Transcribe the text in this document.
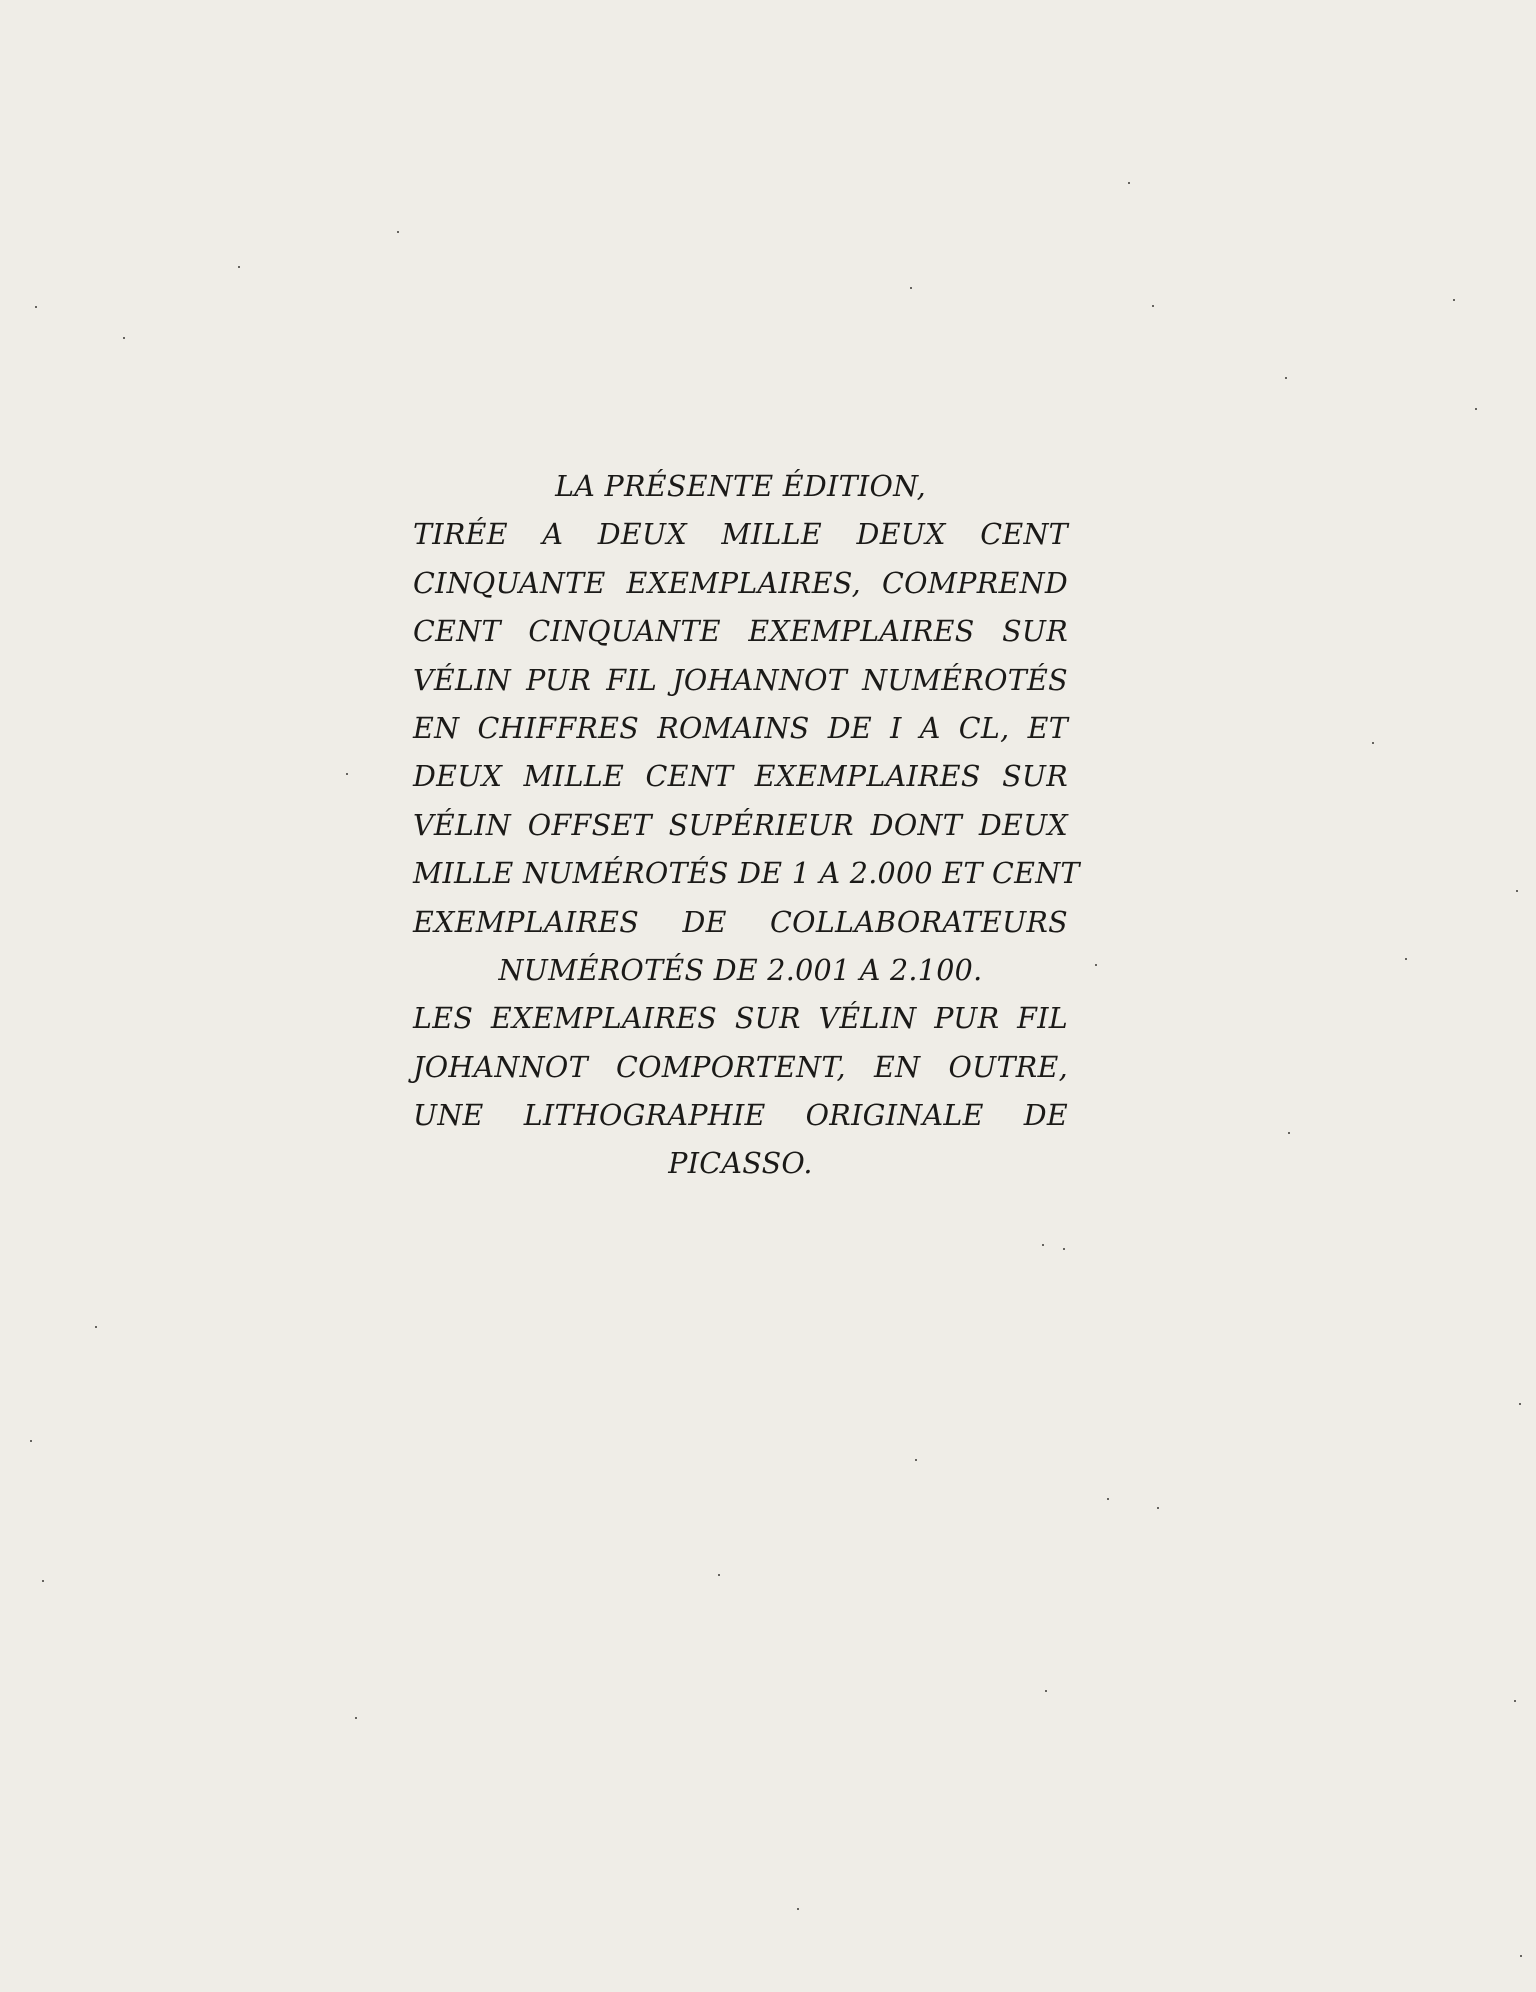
LA PRÉSENTE ÉDITION,
TIRÉE A DEUX MILLE DEUX CENT
CINQUANTE EXEMPLAIRES, COMPREND
CENT CINQUANTE EXEMPLAIRES SUR
VÉLIN PUR FIL JOHANNOT NUMÉROTÉS
EN CHIFFRES ROMAINS DE I A CL, ET
DEUX MILLE CENT EXEMPLAIRES SUR
VÉLIN OFFSET SUPÉRIEUR DONT DEUX
MILLE NUMÉROTÉS DE 1 A 2.000 ET CENT
EXEMPLAIRES DE COLLABORATEURS
NUMÉROTÉS DE 2.001 A 2.100.
LES EXEMPLAIRES SUR VÉLIN PUR FIL
JOHANNOT COMPORTENT, EN OUTRE,
UNE LITHOGRAPHIE ORIGINALE DE
PICASSO.
